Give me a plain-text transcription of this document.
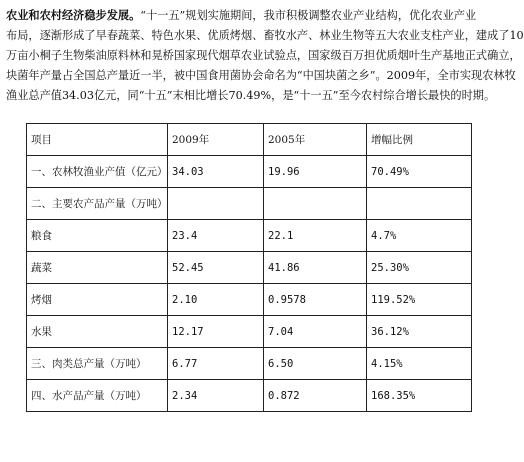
农业和农村经济稳步发展。“十一五”规划实施期间，我市积极调整农业产业结构，优化农业产业
布局，逐渐形成了早春蔬菜、特色水果、优质烤烟、畜牧水产、林业生物等五大农业支柱产业，建成了10
万亩小桐子生物柴油原料林和晃桥国家现代烟草农业试验点，国家级百万担优质烟叶生产基地正式确立，
块菌年产量占全国总产量近一半，被中国食用菌协会命名为“中国块菌之乡”。2009年，全市实现农林牧
渔业总产值34.03亿元，同“十五”末相比增长70.49%，是“十一五”至今农村综合增长最快的时期。

项目	2009年	2005年	增幅比例
一、农林牧渔业产值（亿元）	34.03	19.96	70.49%
二、主要农产品产量（万吨）			
粮食	23.4	22.1	4.7%
蔬菜	52.45	41.86	25.30%
烤烟	2.10	0.9578	119.52%
水果	12.17	7.04	36.12%
三、肉类总产量（万吨）	6.77	6.50	4.15%
四、水产品产量（万吨）	2.34	0.872	168.35%
